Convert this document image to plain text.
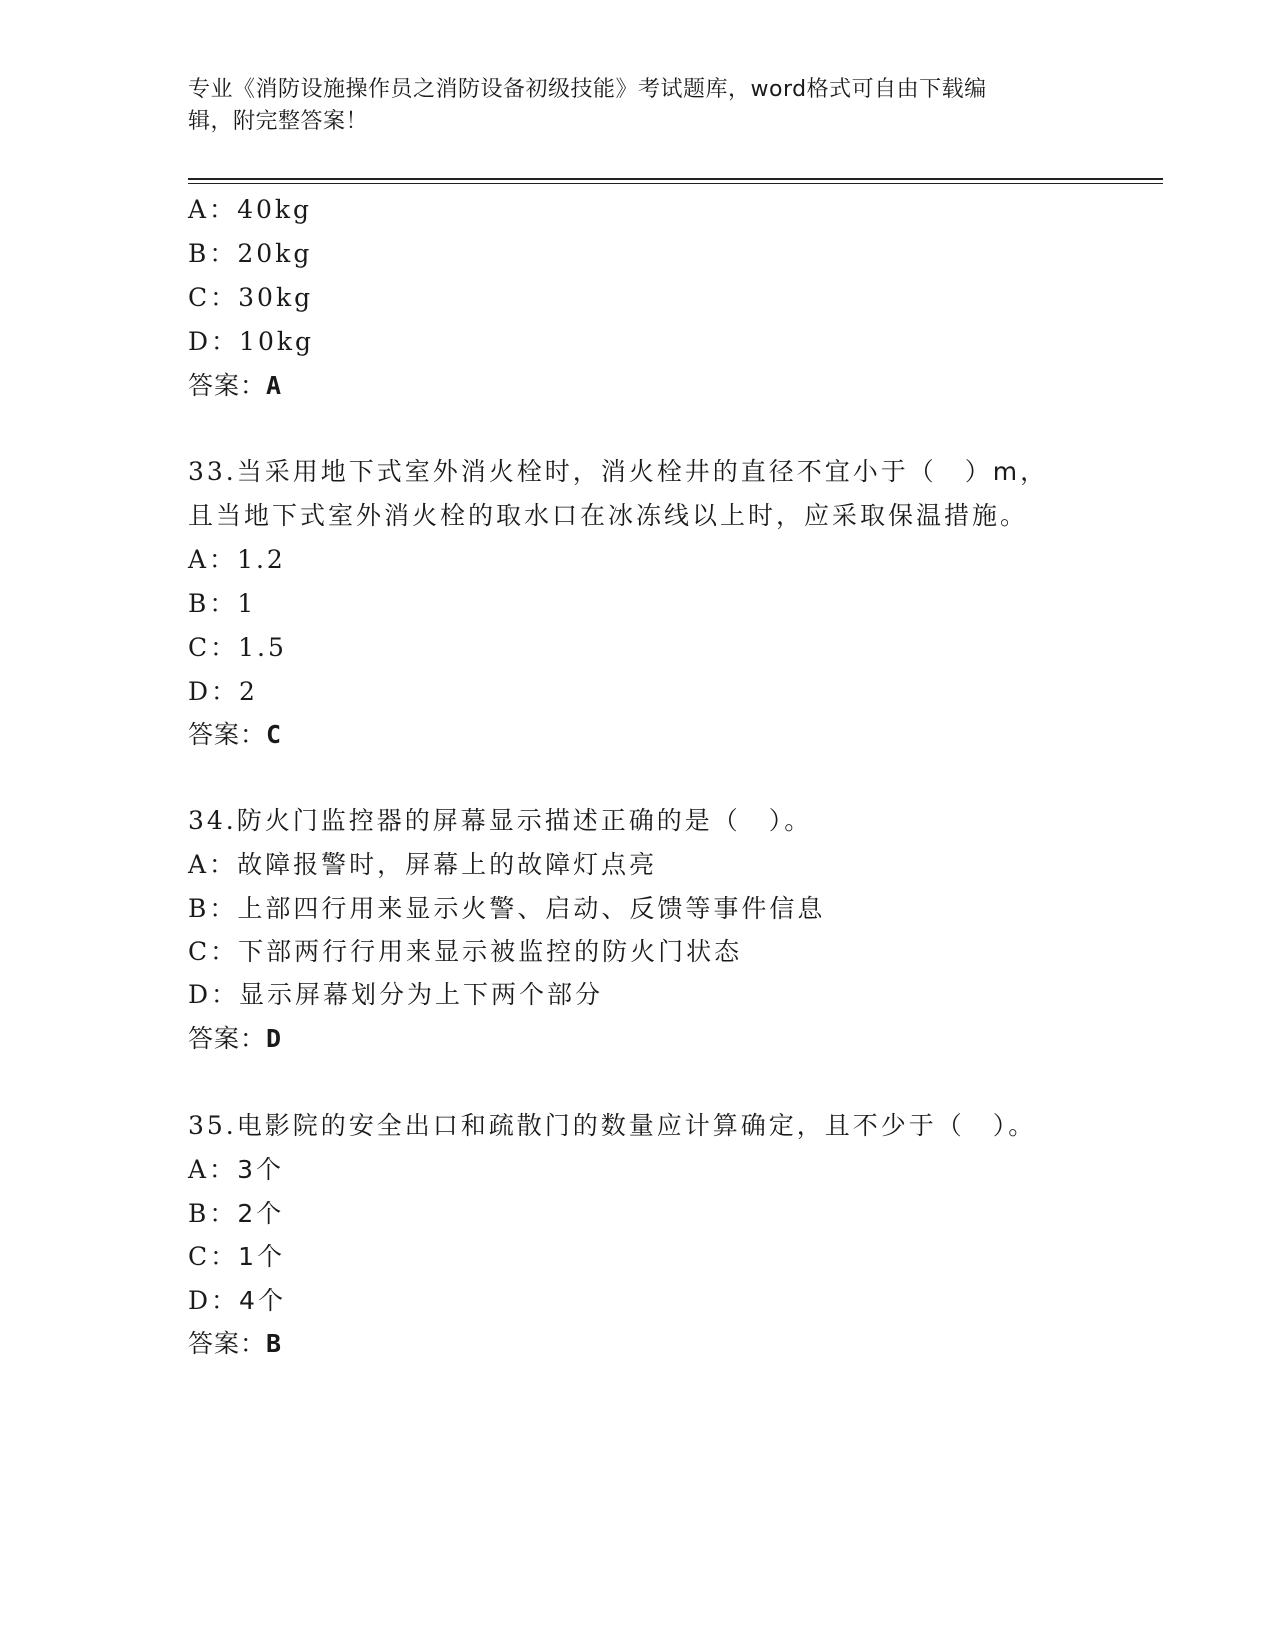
专业《消防设施操作员之消防设备初级技能》考试题库，word格式可自由下载编
辑，附完整答案！
A：40kg
B：20kg
C：30kg
D：10kg
答案：A
33.当采用地下式室外消火栓时，消火栓井的直径不宜小于（　）m，
且当地下式室外消火栓的取水口在冰冻线以上时，应采取保温措施。
A：1.2
B：1
C：1.5
D：2
答案：C
34.防火门监控器的屏幕显示描述正确的是（　）。
A：故障报警时，屏幕上的故障灯点亮
B：上部四行用来显示火警、启动、反馈等事件信息
C：下部两行行用来显示被监控的防火门状态
D：显示屏幕划分为上下两个部分
答案：D
35.电影院的安全出口和疏散门的数量应计算确定，且不少于（　）。
A：3个
B：2个
C：1个
D：4个
答案：B
